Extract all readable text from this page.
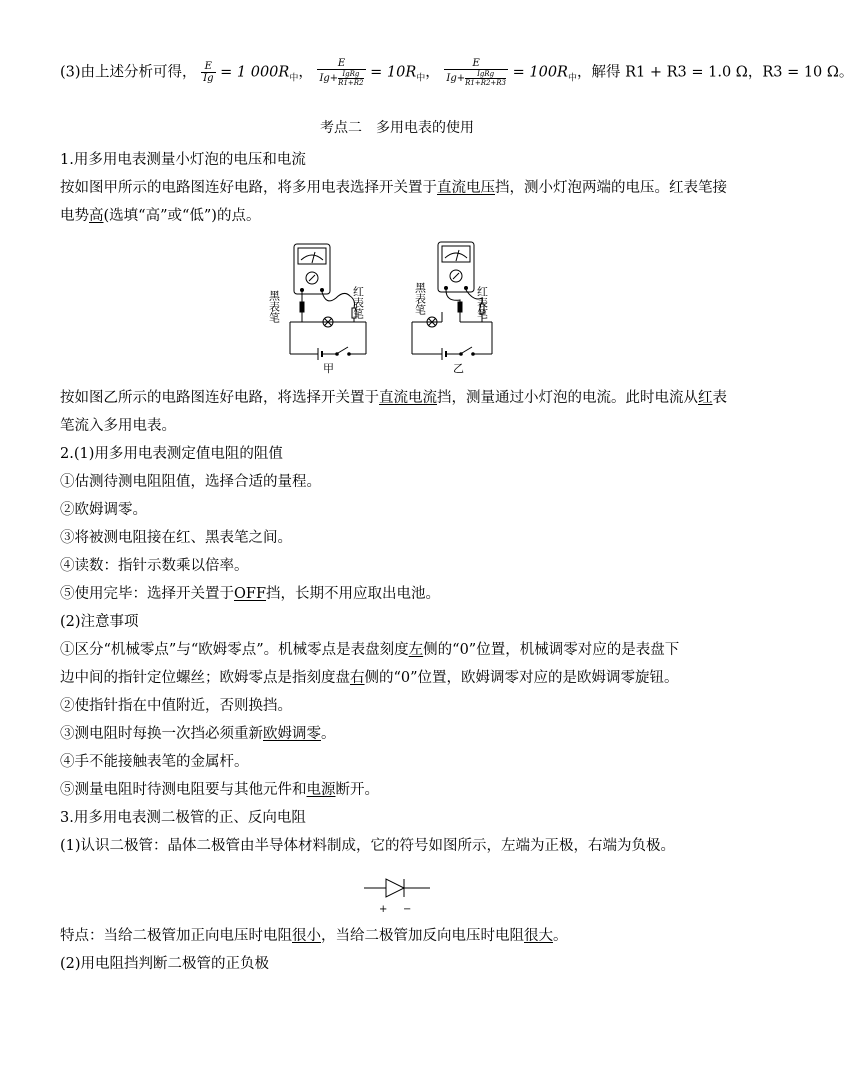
(3)由上述分析可得， $\frac{E}{Ig} = 1$ $000R_中$， E
Ig+ IgRg
$R1+R2 = 10R_中$， E
Ig+	IgRg
$R1+R2+R3 = 100R_中$，解得 R1 + R3 = 1.0 Ω，R3 = 10 Ω。
考点二　多用电表的使用
1.用多用电表测量小灯泡的电压和电流
按如图甲所示的电路图连好电路，将多用电表选择开关置于直流电压挡，测小灯泡两端的电压。红表笔接
电势高(选填“高”或“低”)的点。
黑表笔	红表笔
甲
黑表笔	红表笔
乙
按如图乙所示的电路图连好电路，将选择开关置于直流电流挡，测量通过小灯泡的电流。此时电流从红表
笔流入多用电表。
2.(1)用多用电表测定值电阻的阻值
①估测待测电阻阻值，选择合适的量程。
②欧姆调零。
③将被测电阻接在红、黑表笔之间。
④读数：指针示数乘以倍率。
⑤使用完毕：选择开关置于OFF挡，长期不用应取出电池。
(2)注意事项
①区分“机械零点”与“欧姆零点”。机械零点是表盘刻度左侧的“0”位置，机械调零对应的是表盘下
边中间的指针定位螺丝；欧姆零点是指刻度盘右侧的“0”位置，欧姆调零对应的是欧姆调零旋钮。
②使指针指在中值附近，否则换挡。
③测电阻时每换一次挡必须重新欧姆调零。
④手不能接触表笔的金属杆。
⑤测量电阻时待测电阻要与其他元件和电源断开。
3.用多用电表测二极管的正、反向电阻
(1)认识二极管：晶体二极管由半导体材料制成，它的符号如图所示，左端为正极，右端为负极。
+ −
特点：当给二极管加正向电压时电阻很小，当给二极管加反向电压时电阻很大。
(2)用电阻挡判断二极管的正负极
